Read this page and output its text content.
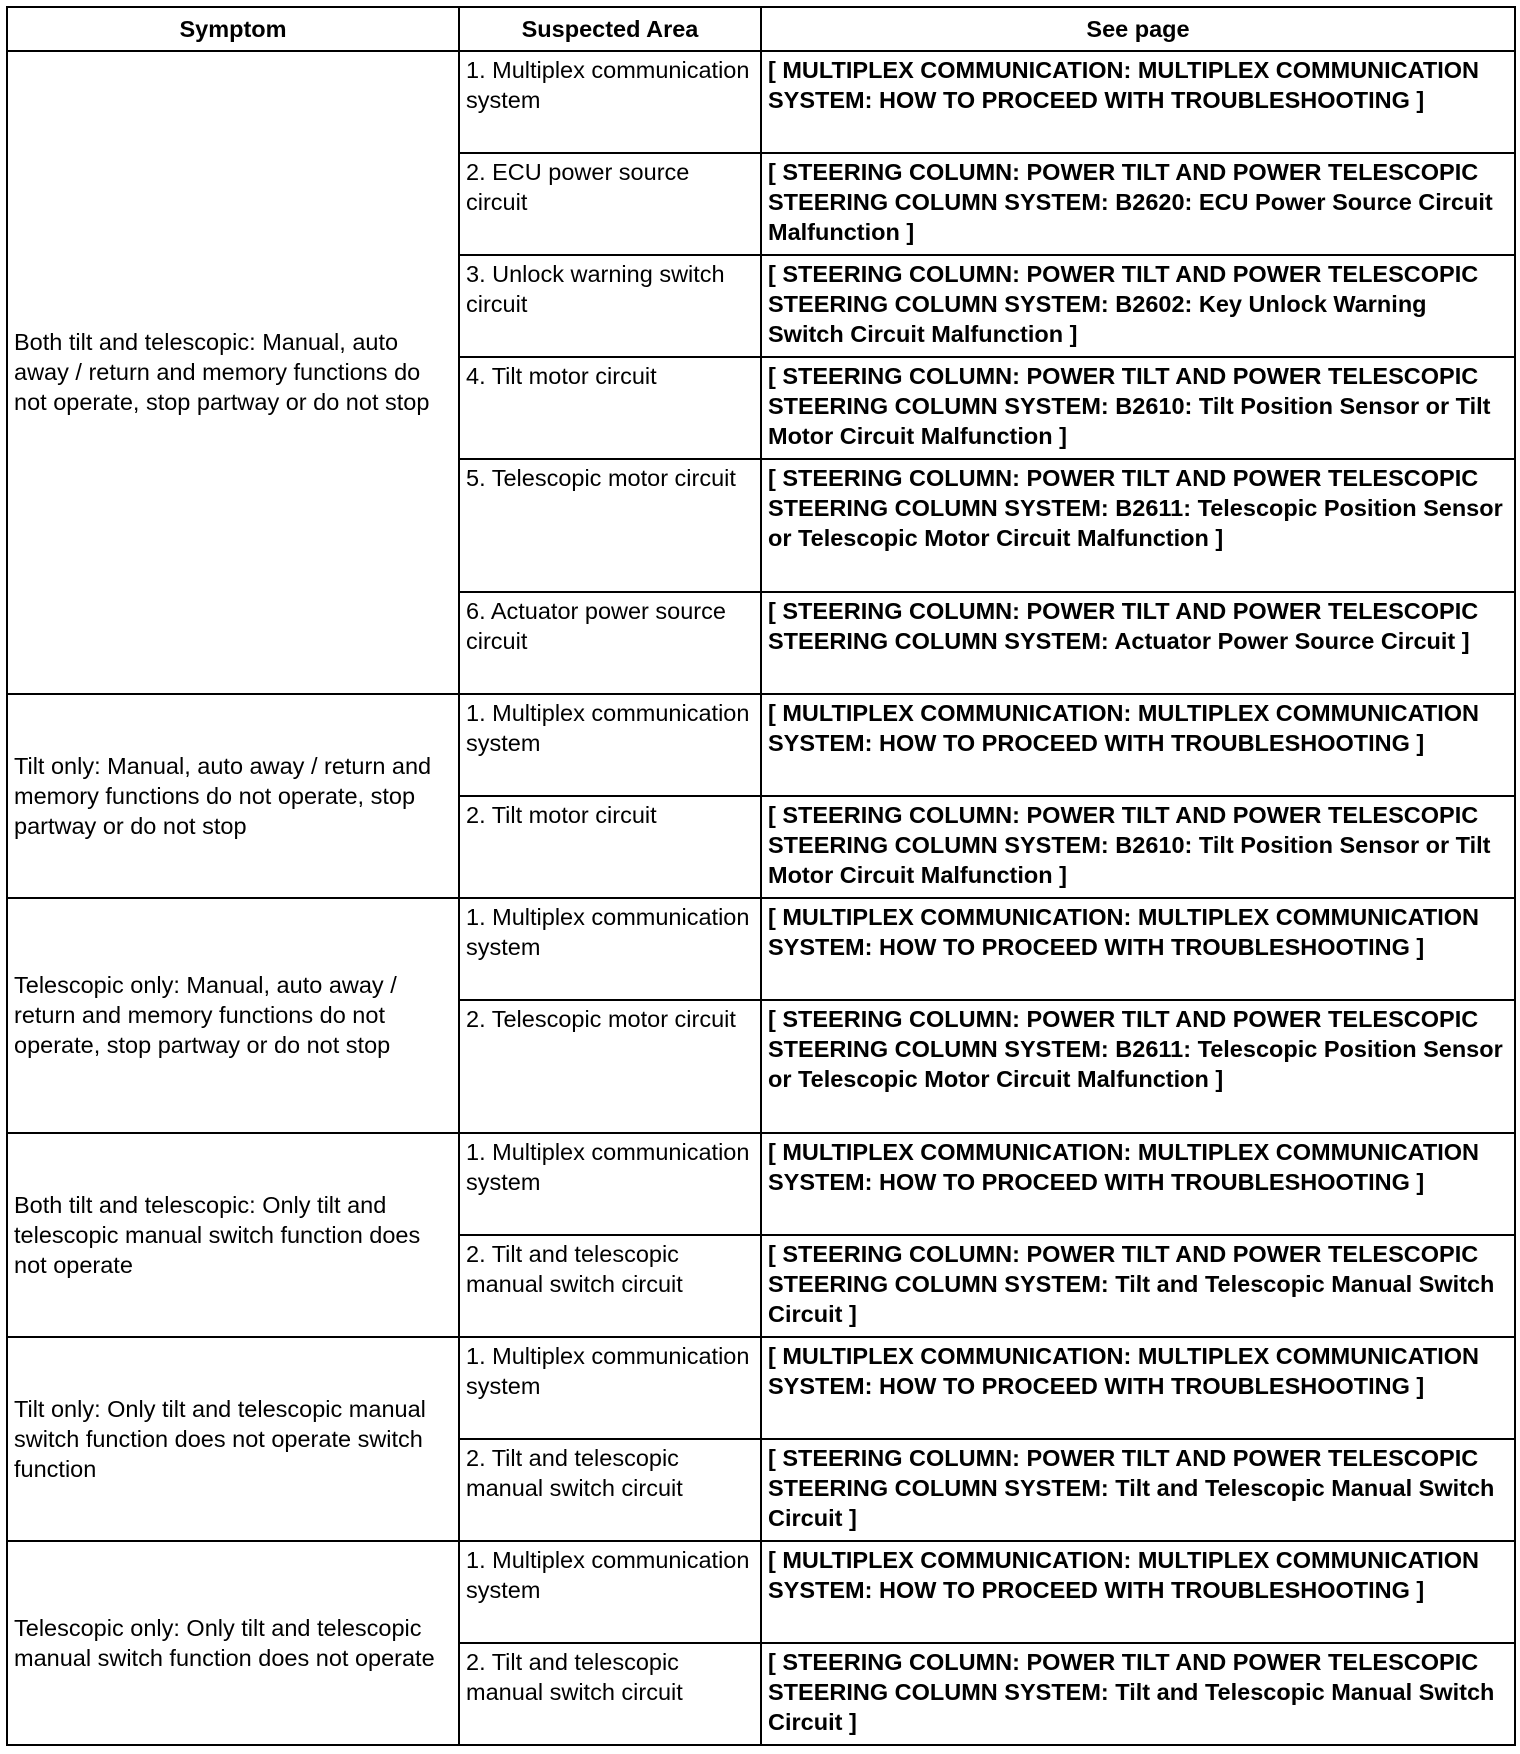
Symptom	Suspected Area	See page
Both tilt and telescopic: Manual, auto away / return and memory functions do not operate, stop partway or do not stop	1. Multiplex communication system	[ MULTIPLEX COMMUNICATION: MULTIPLEX COMMUNICATION SYSTEM: HOW TO PROCEED WITH TROUBLESHOOTING ]
	2. ECU power source circuit	[ STEERING COLUMN: POWER TILT AND POWER TELESCOPIC STEERING COLUMN SYSTEM: B2620: ECU Power Source Circuit Malfunction ]
	3. Unlock warning switch circuit	[ STEERING COLUMN: POWER TILT AND POWER TELESCOPIC STEERING COLUMN SYSTEM: B2602: Key Unlock Warning Switch Circuit Malfunction ]
	4. Tilt motor circuit	[ STEERING COLUMN: POWER TILT AND POWER TELESCOPIC STEERING COLUMN SYSTEM: B2610: Tilt Position Sensor or Tilt Motor Circuit Malfunction ]
	5. Telescopic motor circuit	[ STEERING COLUMN: POWER TILT AND POWER TELESCOPIC STEERING COLUMN SYSTEM: B2611: Telescopic Position Sensor or Telescopic Motor Circuit Malfunction ]
	6. Actuator power source circuit	[ STEERING COLUMN: POWER TILT AND POWER TELESCOPIC STEERING COLUMN SYSTEM: Actuator Power Source Circuit ]
Tilt only: Manual, auto away / return and memory functions do not operate, stop partway or do not stop	1. Multiplex communication system	[ MULTIPLEX COMMUNICATION: MULTIPLEX COMMUNICATION SYSTEM: HOW TO PROCEED WITH TROUBLESHOOTING ]
	2. Tilt motor circuit	[ STEERING COLUMN: POWER TILT AND POWER TELESCOPIC STEERING COLUMN SYSTEM: B2610: Tilt Position Sensor or Tilt Motor Circuit Malfunction ]
Telescopic only: Manual, auto away / return and memory functions do not operate, stop partway or do not stop	1. Multiplex communication system	[ MULTIPLEX COMMUNICATION: MULTIPLEX COMMUNICATION SYSTEM: HOW TO PROCEED WITH TROUBLESHOOTING ]
	2. Telescopic motor circuit	[ STEERING COLUMN: POWER TILT AND POWER TELESCOPIC STEERING COLUMN SYSTEM: B2611: Telescopic Position Sensor or Telescopic Motor Circuit Malfunction ]
Both tilt and telescopic: Only tilt and telescopic manual switch function does not operate	1. Multiplex communication system	[ MULTIPLEX COMMUNICATION: MULTIPLEX COMMUNICATION SYSTEM: HOW TO PROCEED WITH TROUBLESHOOTING ]
	2. Tilt and telescopic manual switch circuit	[ STEERING COLUMN: POWER TILT AND POWER TELESCOPIC STEERING COLUMN SYSTEM: Tilt and Telescopic Manual Switch Circuit ]
Tilt only: Only tilt and telescopic manual switch function does not operate switch function	1. Multiplex communication system	[ MULTIPLEX COMMUNICATION: MULTIPLEX COMMUNICATION SYSTEM: HOW TO PROCEED WITH TROUBLESHOOTING ]
	2. Tilt and telescopic manual switch circuit	[ STEERING COLUMN: POWER TILT AND POWER TELESCOPIC STEERING COLUMN SYSTEM: Tilt and Telescopic Manual Switch Circuit ]
Telescopic only: Only tilt and telescopic manual switch function does not operate	1. Multiplex communication system	[ MULTIPLEX COMMUNICATION: MULTIPLEX COMMUNICATION SYSTEM: HOW TO PROCEED WITH TROUBLESHOOTING ]
	2. Tilt and telescopic manual switch circuit	[ STEERING COLUMN: POWER TILT AND POWER TELESCOPIC STEERING COLUMN SYSTEM: Tilt and Telescopic Manual Switch Circuit ]
